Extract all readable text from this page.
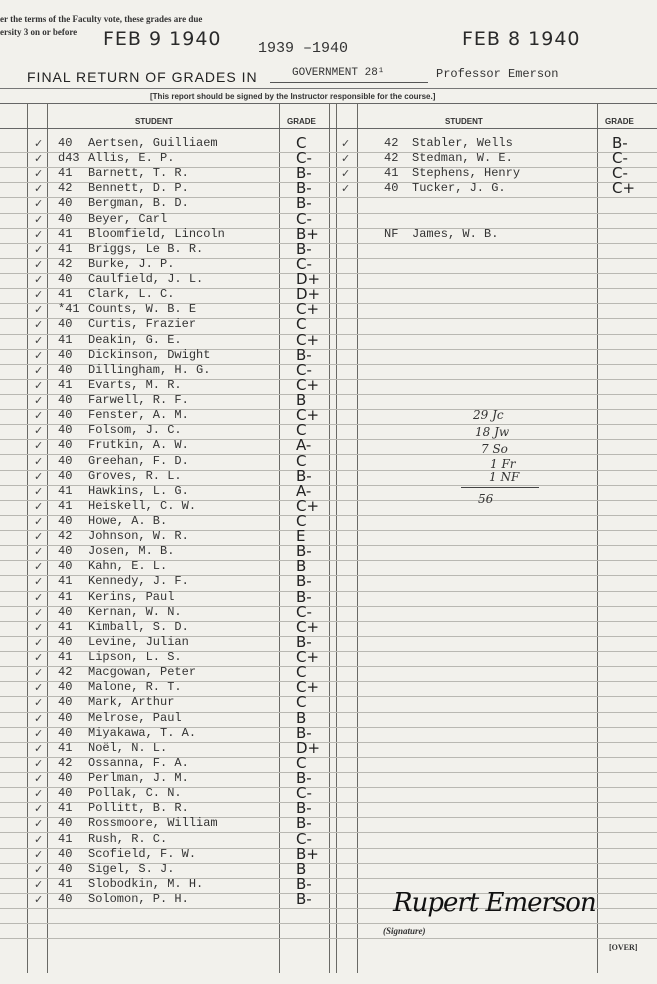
er the terms of the Faculty vote, these grades are due
ersity 3 on or before FEB 9 1940 1939 –1940	FEB 8 1940
FINAL RETURN OF GRADES IN	GOVERNMENT 28¹	Professor Emerson
[This report should be signed by the Instructor responsible for the course.]
STUDENT	GRADE	STUDENT	GRADE
✓ 40 Aertsen, Guilliaem	C
✓ d43 Allis, E. P.	C-
✓ 41 Barnett, T. R.	B-
✓ 42 Bennett, D. P.	B-
✓ 40 Bergman, B. D.	B-
✓ 40 Beyer, Carl	C-
✓ 41 Bloomfield, Lincoln	B+
✓ 41 Briggs, Le B. R.	B-
✓ 42 Burke, J. P.	C-
✓ 40 Caulfield, J. L.	D+
✓ 41 Clark, L. C.	D+
✓ *41 Counts, W. B. E	C+
✓ 40 Curtis, Frazier	C
✓ 41 Deakin, G. E.	C+
✓ 40 Dickinson, Dwight	B-
✓ 40 Dillingham, H. G.	C-
✓ 41 Evarts, M. R.	C+
✓ 40 Farwell, R. F.	B
✓ 40 Fenster, A. M.	C+
✓ 40 Folsom, J. C.	C
✓ 40 Frutkin, A. W.	A-
✓ 40 Greehan, F. D.	C
✓ 40 Groves, R. L.	B-
✓ 41 Hawkins, L. G.	A-
✓ 41 Heiskell, C. W.	C+
✓ 40 Howe, A. B.	C
✓ 42 Johnson, W. R.	E
✓ 40 Josen, M. B.	B-
✓ 40 Kahn, E. L.	B
✓ 41 Kennedy, J. F.	B-
✓ 41 Kerins, Paul	B-
✓ 40 Kernan, W. N.	C-
✓ 41 Kimball, S. D.	C+
✓ 40 Levine, Julian	B-
✓ 41 Lipson, L. S.	C+
✓ 42 Macgowan, Peter	C
✓ 40 Malone, R. T.	C+
✓ 40 Mark, Arthur	C
✓ 40 Melrose, Paul	B
✓ 40 Miyakawa, T. A.	B-
✓ 41 Noël, N. L.	D+
✓ 42 Ossanna, F. A.	C
✓ 40 Perlman, J. M.	B-
✓ 40 Pollak, C. N.	C-
✓ 41 Pollitt, B. R.	B-
✓ 40 Rossmoore, William	B-
✓ 41 Rush, R. C.	C-
✓ 40 Scofield, F. W.	B+
✓ 40 Sigel, S. J.	B
✓ 41 Slobodkin, M. H.	B-
✓ 40 Solomon, P. H.	B-
✓	42 Stabler, Wells	B-
✓	42 Stedman, W. E.	C-
✓	41 Stephens, Henry	C-
✓	40 Tucker, J. G.	C+
NF James, W. B.
29 Jc
18 Jw
7 So
1 Fr
1 NF
56
Rupert Emerson
(Signature)
[OVER]
